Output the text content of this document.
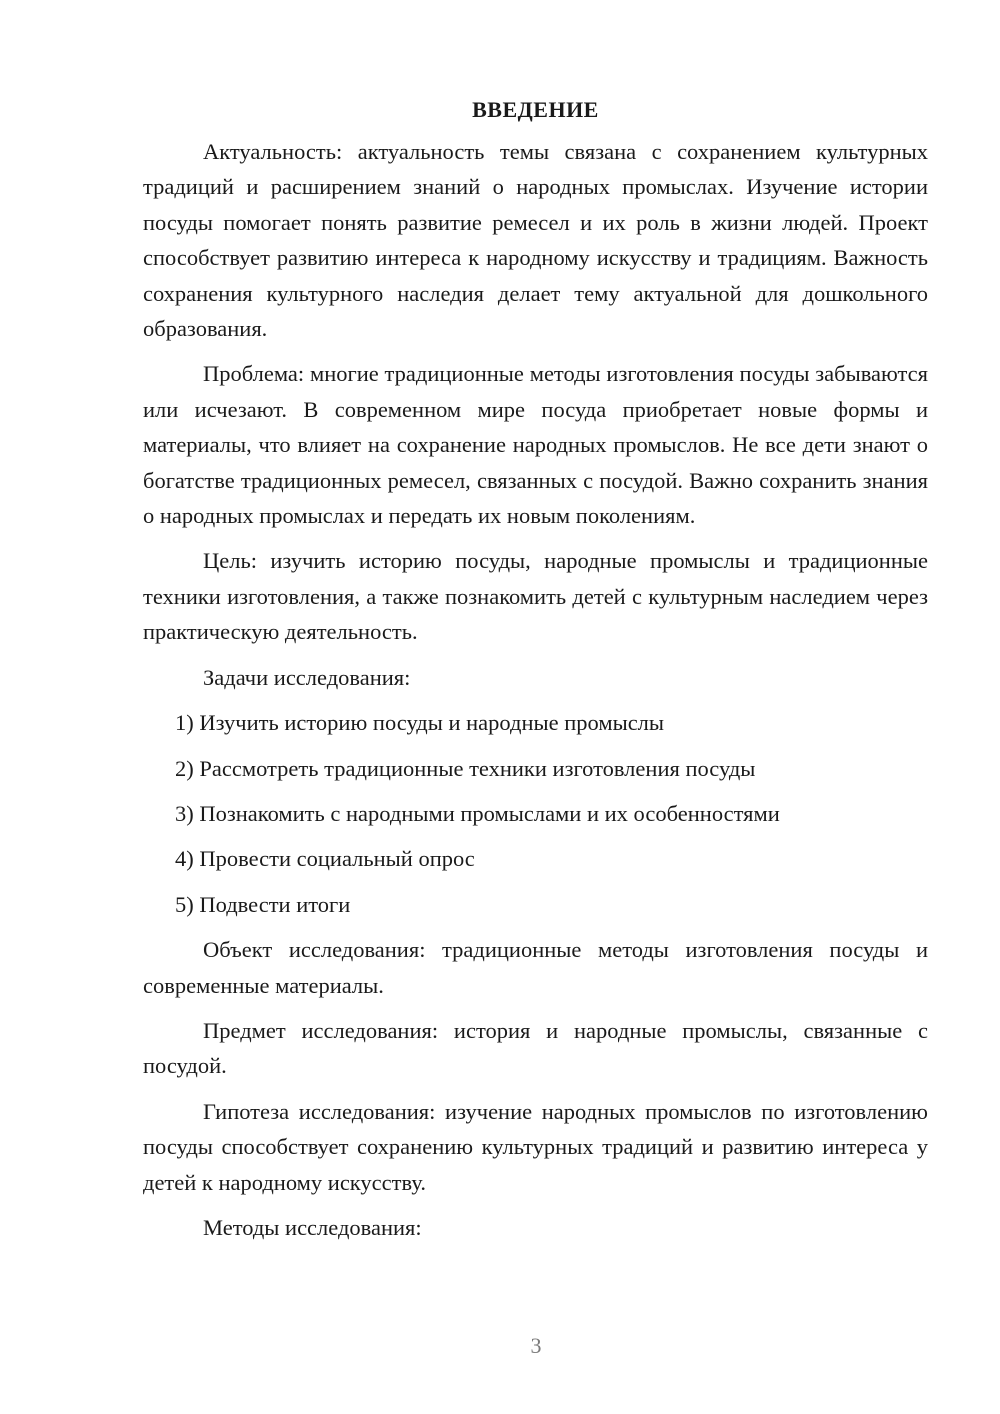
ВВЕДЕНИЕ

Актуальность: актуальность темы связана с сохранением культурных традиций и расширением знаний о народных промыслах. Изучение истории посуды помогает понять развитие ремесел и их роль в жизни людей. Проект способствует развитию интереса к народному искусству и традициям. Важность сохранения культурного наследия делает тему актуальной для дошкольного образования.

Проблема: многие традиционные методы изготовления посуды забываются или исчезают. В современном мире посуда приобретает новые формы и материалы, что влияет на сохранение народных промыслов. Не все дети знают о богатстве традиционных ремесел, связанных с посудой. Важно сохранить знания о народных промыслах и передать их новым поколениям.

Цель: изучить историю посуды, народные промыслы и традиционные техники изготовления, а также познакомить детей с культурным наследием через практическую деятельность.

Задачи исследования:
1) Изучить историю посуды и народные промыслы
2) Рассмотреть традиционные техники изготовления посуды
3) Познакомить с народными промыслами и их особенностями
4) Провести социальный опрос
5) Подвести итоги

Объект исследования: традиционные методы изготовления посуды и современные материалы.

Предмет исследования: история и народные промыслы, связанные с посудой.

Гипотеза исследования: изучение народных промыслов по изготовлению посуды способствует сохранению культурных традиций и развитию интереса у детей к народному искусству.

Методы исследования:
3
